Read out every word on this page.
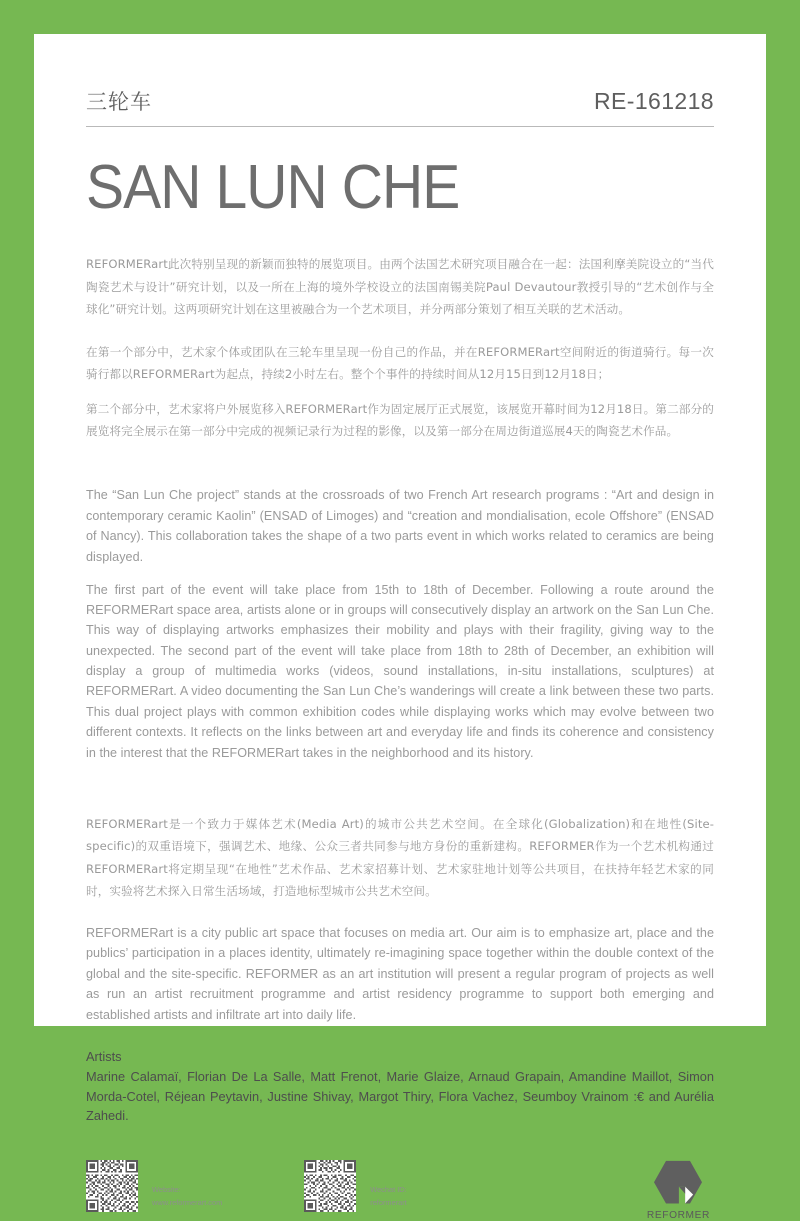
三轮车	RE-161218
SAN LUN CHE

REFORMERart此次特别呈现的新颖而独特的展览项目。由两个法国艺术研究项目融合在一起：法国利摩美院设立的“当代陶瓷艺术与设计”研究计划，以及一所在上海的境外学校设立的法国南锡美院Paul Devautour教授引导的“艺术创作与全球化”研究计划。这两项研究计划在这里被融合为一个艺术项目，并分两部分策划了相互关联的艺术活动。

在第一个部分中，艺术家个体或团队在三轮车里呈现一份自己的作品，并在REFORMERart空间附近的街道骑行。每一次骑行都以REFORMERart为起点，持续2小时左右。整个个事件的持续时间从12月15日到12月18日；

第二个部分中，艺术家将户外展览移入REFORMERart作为固定展厅正式展览，该展览开幕时间为12月18日。第二部分的展览将完全展示在第一部分中完成的视频记录行为过程的影像，以及第一部分在周边街道巡展4天的陶瓷艺术作品。

The “San Lun Che project” stands at the crossroads of two French Art research programs : “Art and design in contemporary ceramic Kaolin” (ENSAD of Limoges) and “creation and mondialisation, ecole Offshore” (ENSAD of Nancy). This collaboration takes the shape of a two parts event in which works related to ceramics are being displayed.

The first part of the event will take place from 15th to 18th of December. Following a route around the REFORMERart space area, artists alone or in groups will consecutively display an artwork on the San Lun Che. This way of displaying artworks emphasizes their mobility and plays with their fragility, giving way to the unexpected. The second part of the event will take place from 18th to 28th of December, an exhibition will display a group of multimedia works (videos, sound installations, in-situ installations, sculptures) at REFORMERart. A video documenting the San Lun Che’s wanderings will create a link between these two parts. This dual project plays with common exhibition codes while displaying works which may evolve between two different contexts. It reflects on the links between art and everyday life and finds its coherence and consistency in the interest that the REFORMERart takes in the neighborhood and its history.

REFORMERart是一个致力于媒体艺术(Media Art)的城市公共艺术空间。在全球化(Globalization)和在地性(Site-specific)的双重语境下，强调艺术、地缘、公众三者共同参与地方身份的重新建构。REFORMER作为一个艺术机构通过REFORMERart将定期呈现“在地性”艺术作品、艺术家招募计划、艺术家驻地计划等公共项目，在扶持年轻艺术家的同时，实验将艺术探入日常生活场域，打造地标型城市公共艺术空间。

REFORMERart is a city public art space that focuses on media art. Our aim is to emphasize art, place and the publics’ participation in a places identity, ultimately re-imagining space together within the double context of the global and the site-specific. REFORMER as an art institution will present a regular program of projects as well as run an artist recruitment programme and artist residency programme to support both emerging and established artists and infiltrate art into daily life.

Artists
Marine Calamaï, Florian De La Salle, Matt Frenot, Marie Glaize, Arnaud Grapain, Amandine Maillot, Simon Morda-Cotel, Réjean Peytavin, Justine Shivay, Margot Thiry, Flora Vachez, Seumboy Vrainom :€ and Aurélia Zahedi.
Website:
www.reformerart.com
Wechat ID:
reformerart
REFORMER
